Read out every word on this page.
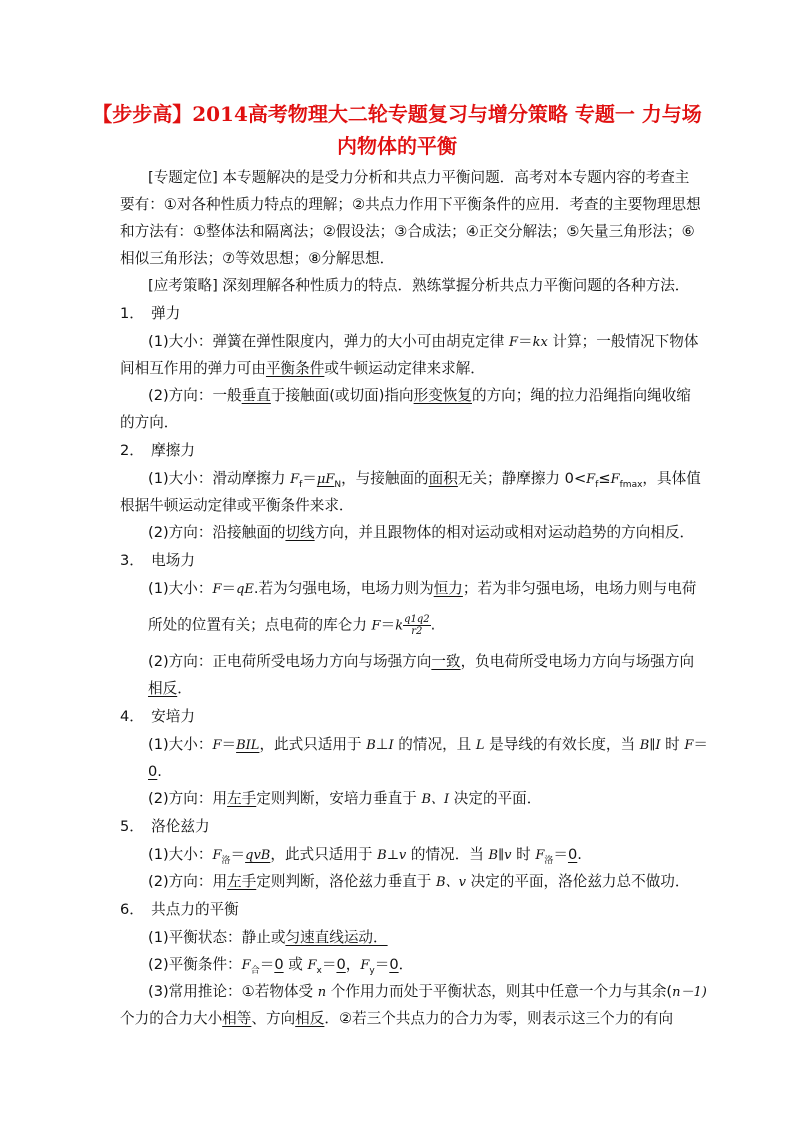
【步步高】2014高考物理大二轮专题复习与增分策略 专题一 力与场
内物体的平衡
[专题定位] 本专题解决的是受力分析和共点力平衡问题．高考对本专题内容的考查主
要有：①对各种性质力特点的理解；②共点力作用下平衡条件的应用．考查的主要物理思想
和方法有：①整体法和隔离法；②假设法；③合成法；④正交分解法；⑤矢量三角形法；⑥
相似三角形法；⑦等效思想；⑧分解思想．
[应考策略] 深刻理解各种性质力的特点．熟练掌握分析共点力平衡问题的各种方法．
1．　弹力
(1)大小：弹簧在弹性限度内，弹力的大小可由胡克定律 F＝kx 计算；一般情况下物体
间相互作用的弹力可由平衡条件或牛顿运动定律来求解．
(2)方向：一般垂直于接触面(或切面)指向形变恢复的方向；绳的拉力沿绳指向绳收缩
的方向．
2．　摩擦力
(1)大小：滑动摩擦力 $F_f=\mu F_N$，与接触面的面积无关；静摩擦力 $0<F_f\le F_{fmax}$，具体值
根据牛顿运动定律或平衡条件来求．
(2)方向：沿接触面的切线方向，并且跟物体的相对运动或相对运动趋势的方向相反．
3．　电场力
(1)大小：F＝qE.若为匀强电场，电场力则为恒力；若为非匀强电场，电场力则与电荷
所处的位置有关；点电荷的库仑力 $F=k \frac{q1q2}{r2}$ .
(2)方向：正电荷所受电场力方向与场强方向一致，负电荷所受电场力方向与场强方向
相反．
4．　安培力
(1)大小：F＝BIL，此式只适用于 B⊥I 的情况，且 L 是导线的有效长度，当 B∥I 时 F＝
0.
(2)方向：用左手定则判断，安培力垂直于 B、I 决定的平面．
5．　洛伦兹力
(1)大小：$F_洛=qvB$，此式只适用于 B⊥v 的情况．当 B∥v 时 $F_洛=0$.
(2)方向：用左手定则判断，洛伦兹力垂直于 B、v 决定的平面，洛伦兹力总不做功．
6．　共点力的平衡
(1)平衡状态：静止或匀速直线运动．
(2)平衡条件：$F_合=0$ 或 $F_x=0$，$F_y=0$．
(3)常用推论：①若物体受 n 个作用力而处于平衡状态，则其中任意一个力与其余(n－1)
个力的合力大小相等、方向相反．②若三个共点力的合力为零，则表示这三个力的有向
